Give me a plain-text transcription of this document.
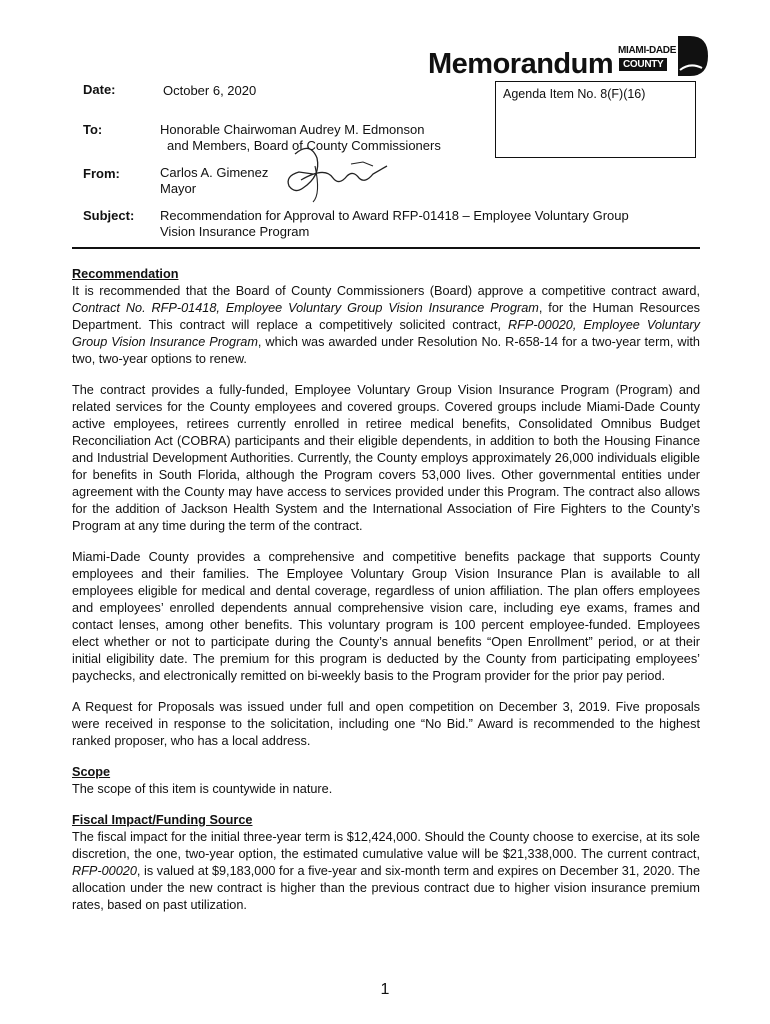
Memorandum MIAMI-DADE
COUNTY
Date:	October 6, 2020	Agenda Item No. 8(F)(16)
To:	Honorable Chairwoman Audrey M. Edmonson
and Members, Board of County Commissioners
From:	Carlos A. Gimenez
Mayor
Subject: Recommendation for Approval to Award RFP-01418 – Employee Voluntary Group
Vision Insurance Program
Recommendation

It is recommended that the Board of County Commissioners (Board) approve a competitive contract award, Contract No. RFP-01418, Employee Voluntary Group Vision Insurance Program, for the Human Resources Department. This contract will replace a competitively solicited contract, RFP-00020, Employee Voluntary Group Vision Insurance Program, which was awarded under Resolution No. R-658-14 for a two-year term, with two, two-year options to renew.

The contract provides a fully-funded, Employee Voluntary Group Vision Insurance Program (Program) and related services for the County employees and covered groups. Covered groups include Miami-Dade County active employees, retirees currently enrolled in retiree medical benefits, Consolidated Omnibus Budget Reconciliation Act (COBRA) participants and their eligible dependents, in addition to both the Housing Finance and Industrial Development Authorities. Currently, the County employs approximately 26,000 individuals eligible for benefits in South Florida, although the Program covers 53,000 lives. Other governmental entities under agreement with the County may have access to services provided under this Program. The contract also allows for the addition of Jackson Health System and the International Association of Fire Fighters to the County’s Program at any time during the term of the contract.

Miami-Dade County provides a comprehensive and competitive benefits package that supports County employees and their families. The Employee Voluntary Group Vision Insurance Plan is available to all employees eligible for medical and dental coverage, regardless of union affiliation. The plan offers employees and employees’ enrolled dependents annual comprehensive vision care, including eye exams, frames and contact lenses, among other benefits. This voluntary program is 100 percent employee-funded. Employees elect whether or not to participate during the County’s annual benefits “Open Enrollment” period, or at their initial eligibility date. The premium for this program is deducted by the County from participating employees’ paychecks, and electronically remitted on bi-weekly basis to the Program provider for the prior pay period.

A Request for Proposals was issued under full and open competition on December 3, 2019. Five proposals were received in response to the solicitation, including one “No Bid.” Award is recommended to the highest ranked proposer, who has a local address.

Scope

The scope of this item is countywide in nature.

Fiscal Impact/Funding Source

The fiscal impact for the initial three-year term is $12,424,000. Should the County choose to exercise, at its sole discretion, the one, two-year option, the estimated cumulative value will be $21,338,000. The current contract, RFP-00020, is valued at $9,183,000 for a five-year and six-month term and expires on December 31, 2020. The allocation under the new contract is higher than the previous contract due to higher vision insurance premium rates, based on past utilization.

1
